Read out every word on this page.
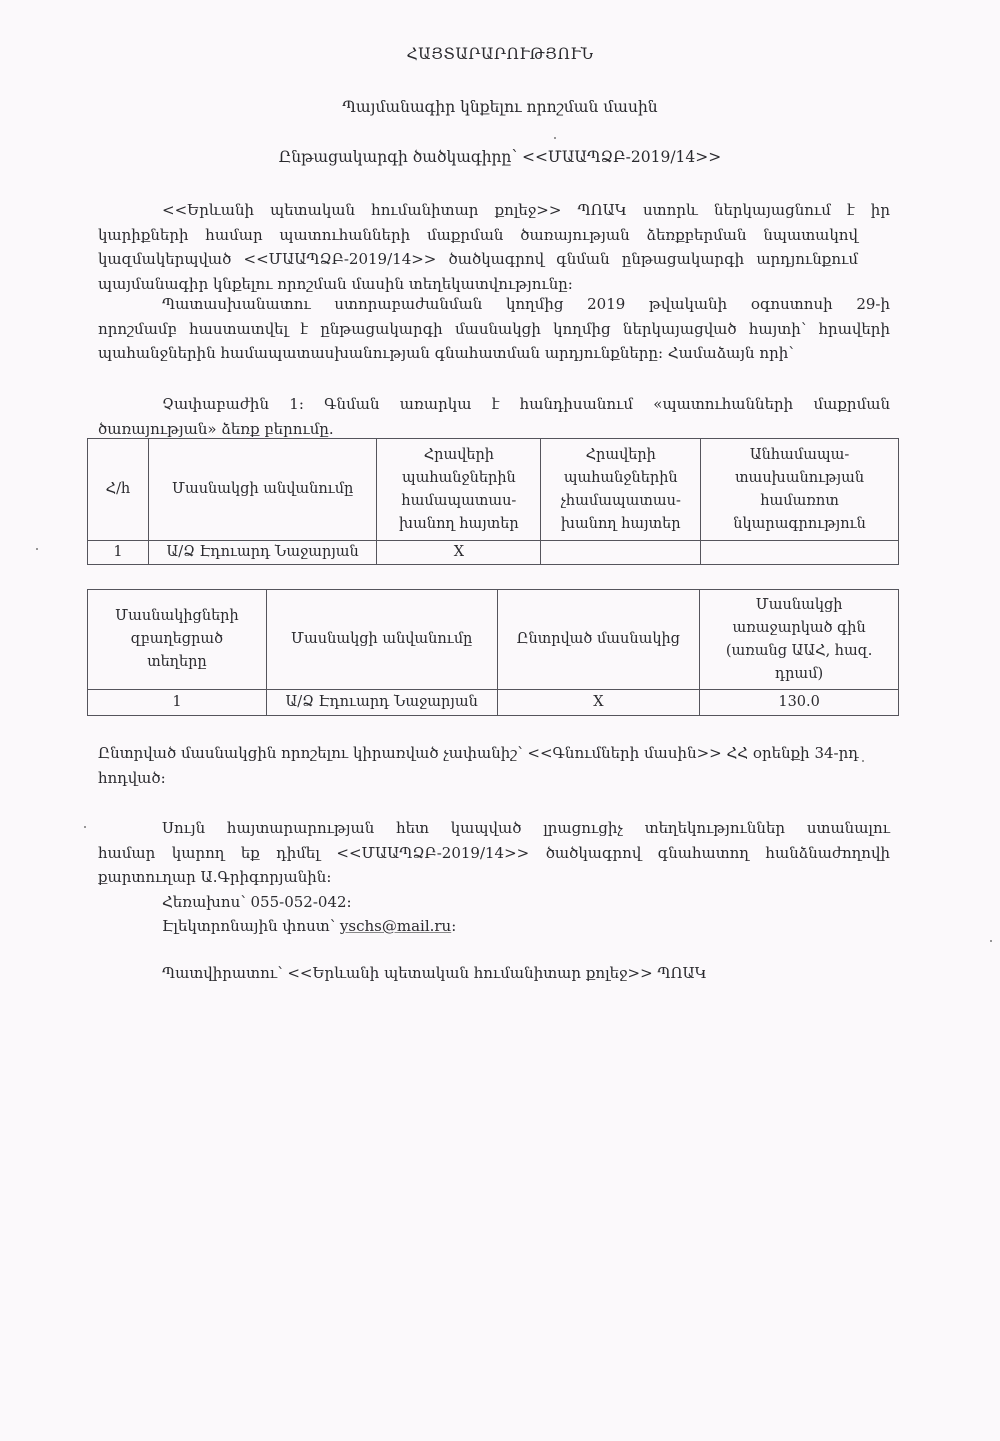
ՀԱՅՏԱՐԱՐՈՒԹՅՈՒՆ
Պայմանագիր կնքելու որոշման մասին
Ընթացակարգի ծածկագիրը՝ <<ՄԱԱՊՁԲ-2019/14>>
<<Երևանի պետական հումանիտար քոլեջ>> ՊՈԱԿ ստորև ներկայացնում է իր
կարիքների համար պատուհանների մաքրման ծառայության ձեռքբերման նպատակով
կազմակերպված <<ՄԱԱՊՁԲ-2019/14>> ծածկագրով գնման ընթացակարգի արդյունքում
պայմանագիր կնքելու որոշման մասին տեղեկատվությունը:
Պատասխանատու ստորաբաժանման կողմից 2019 թվականի օգոստոսի 29-ի
որոշմամբ հաստատվել է ընթացակարգի մասնակցի կողմից ներկայացված հայտի՝ հրավերի
պահանջներին համապատասխանության գնահատման արդյունքները: Համաձայն որի՝
Չափաբաժին 1: Գնման առարկա է հանդիսանում «պատուհանների մաքրման
ծառայության» ձեռք բերումը.
Հ/հ	Մասնակցի անվանումը	Հրավերի
պահանջներին
համապատաս-
խանող հայտեր	Հրավերի
պահանջներին
չհամապատաս-
խանող հայտեր	Անհամապա-
տասխանության
համառոտ
նկարագրություն
1	Ա/Ձ Էդուարդ Նաջարյան	X		
Մասնակիցների
զբաղեցրած
տեղերը	Մասնակցի անվանումը	Ընտրված մասնակից	Մասնակցի
առաջարկած գին
(առանց ԱԱՀ, հազ.
դրամ)
1	Ա/Ձ Էդուարդ Նաջարյան	X	130.0
Ընտրված մասնակցին որոշելու կիրառված չափանիշ՝ <<Գնումների մասին>> ՀՀ օրենքի 34-րդ
հոդված:
Սույն հայտարարության հետ կապված լրացուցիչ տեղեկություններ ստանալու
համար կարող եք դիմել <<ՄԱԱՊՁԲ-2019/14>> ծածկագրով գնահատող հանձնաժողովի
քարտուղար Ա.Գրիգորյանին:
Հեռախոս՝ 055-052-042:
Էլեկտրոնային փոստ՝ yschs@mail.ru:
Պատվիրատու՝ <<Երևանի պետական հումանիտար քոլեջ>> ՊՈԱԿ
